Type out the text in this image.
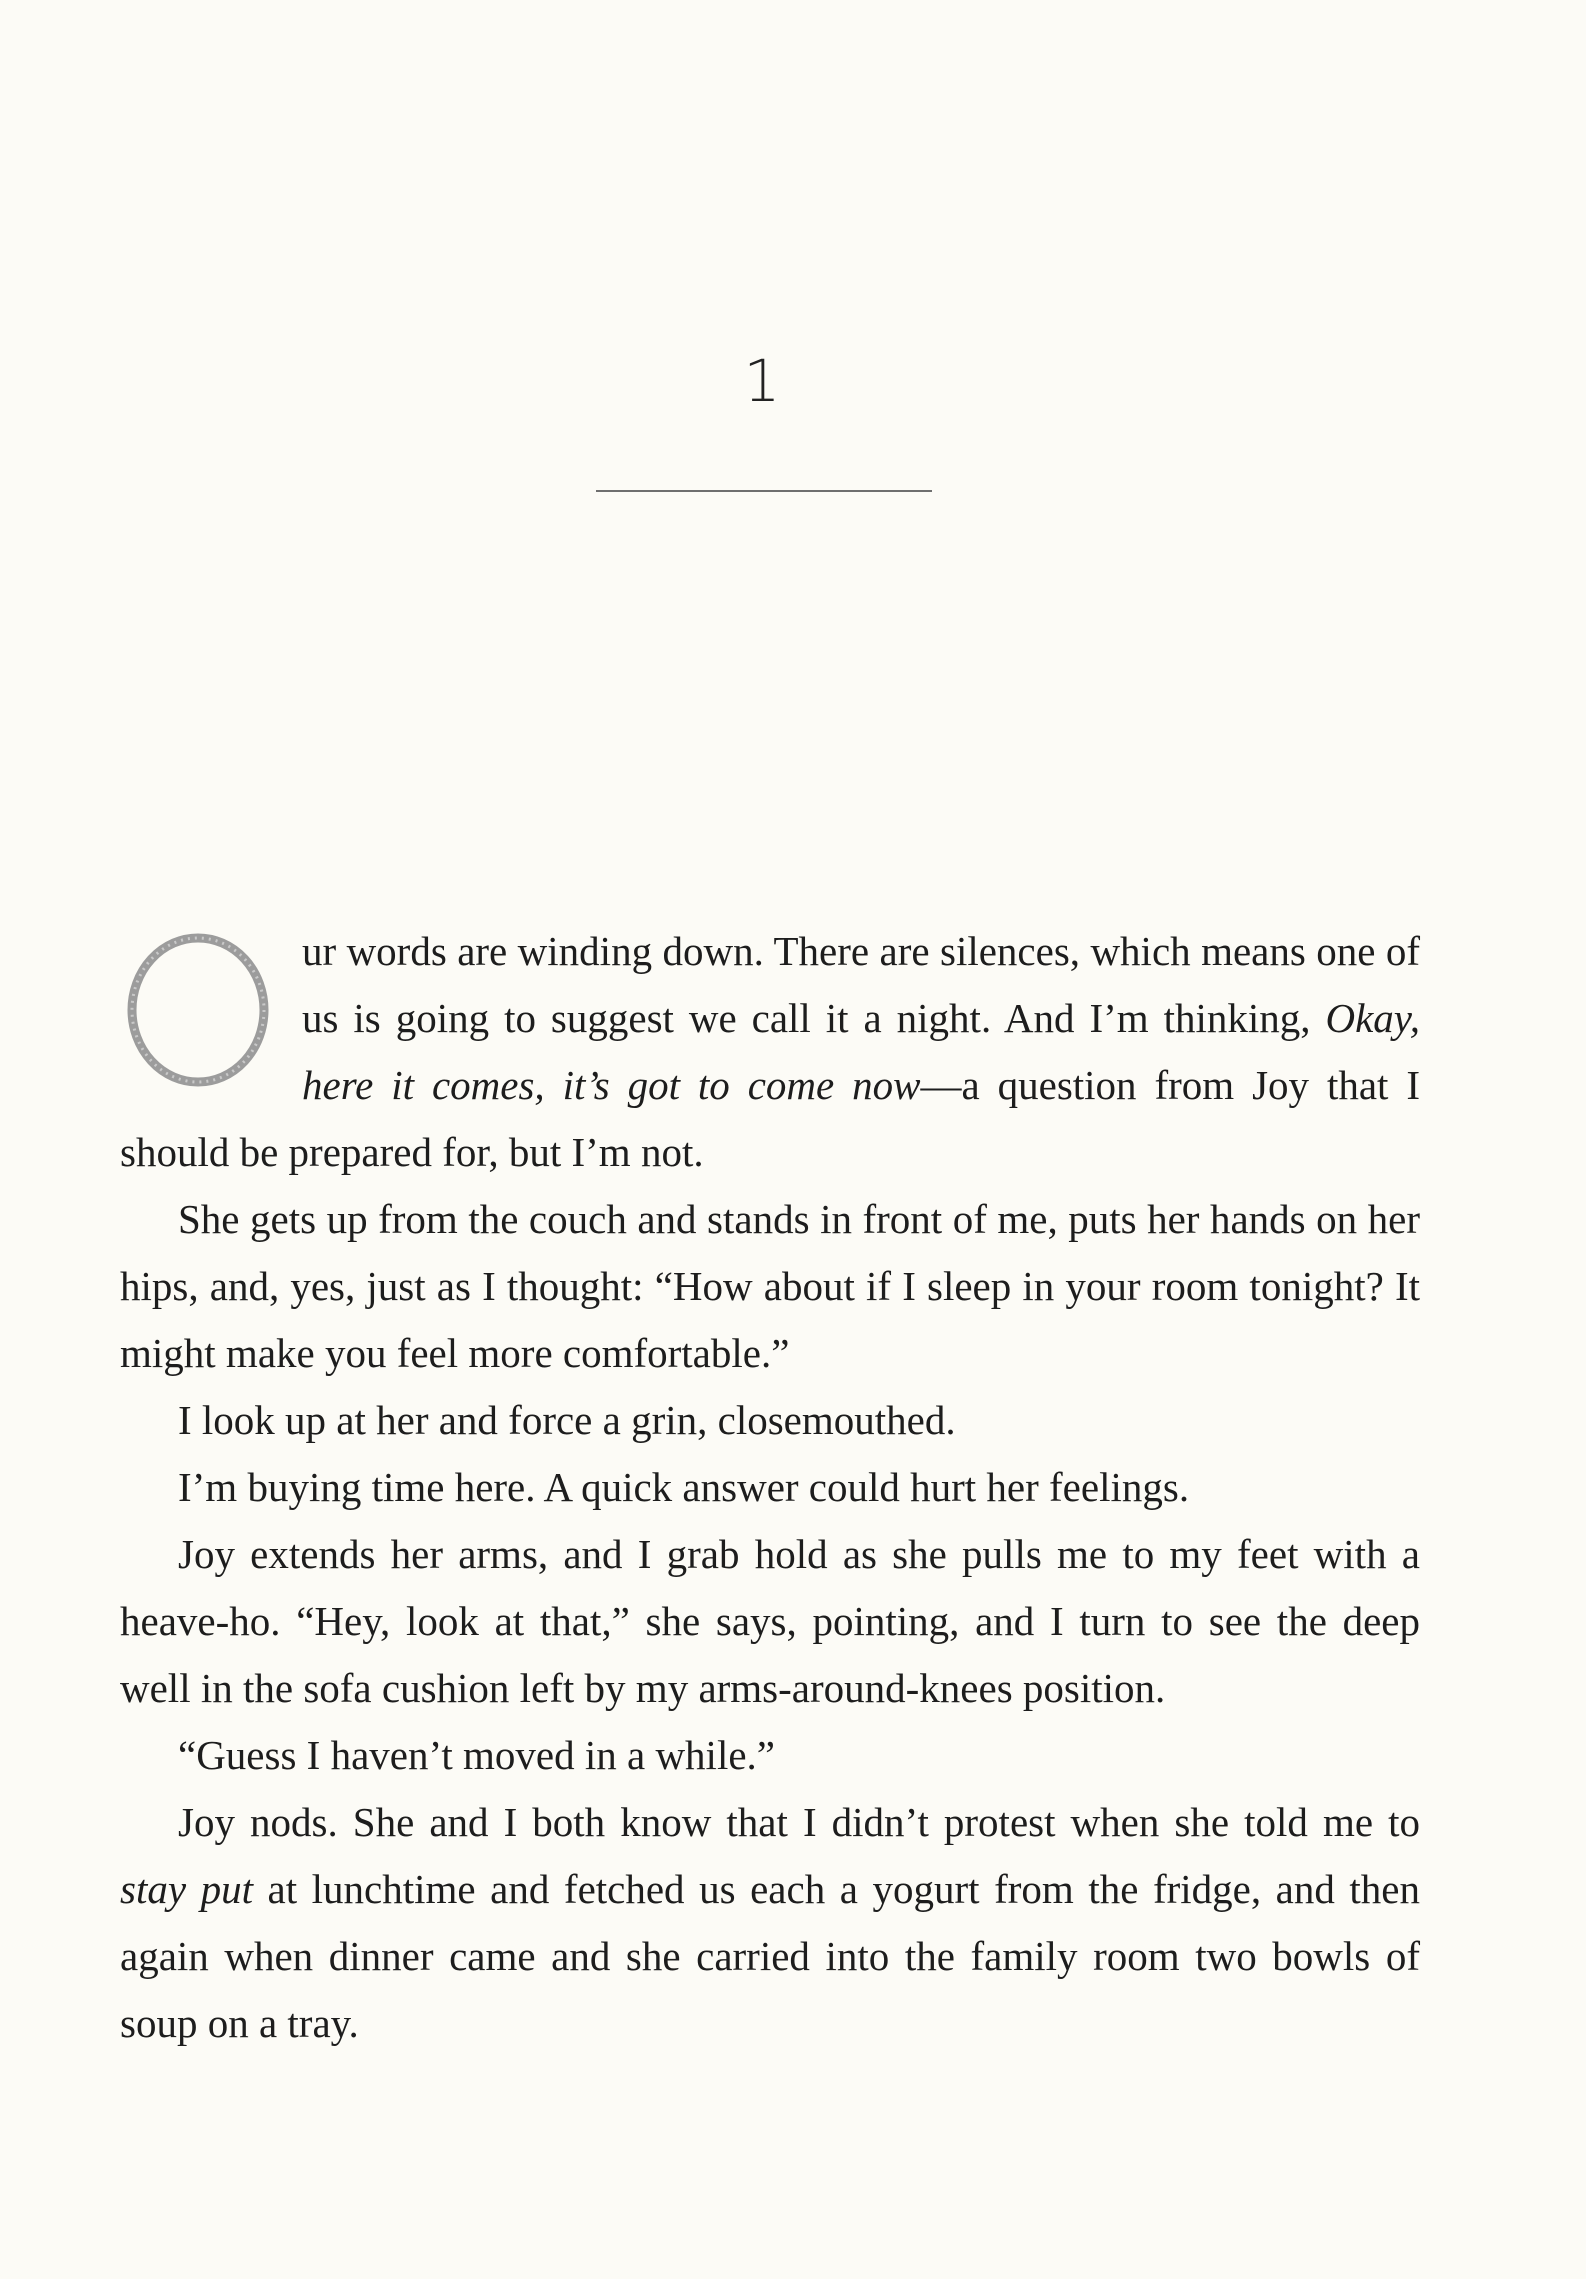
1

ur words are winding down. There are silences, which means one of us is going to suggest we call it a night. And I’m thinking, Okay, here it comes, it’s got to come now—a question from Joy that I should be prepared for, but I’m not.

She gets up from the couch and stands in front of me, puts her hands on her hips, and, yes, just as I thought: “How about if I sleep in your room tonight? It might make you feel more comfortable.”

I look up at her and force a grin, closemouthed.

I’m buying time here. A quick answer could hurt her feelings.

Joy extends her arms, and I grab hold as she pulls me to my feet with a heave-ho. “Hey, look at that,” she says, pointing, and I turn to see the deep well in the sofa cushion left by my arms-around-knees position.

“Guess I haven’t moved in a while.”

Joy nods. She and I both know that I didn’t protest when she told me to stay put at lunchtime and fetched us each a yogurt from the fridge, and then again when dinner came and she carried into the family room two bowls of soup on a tray.
